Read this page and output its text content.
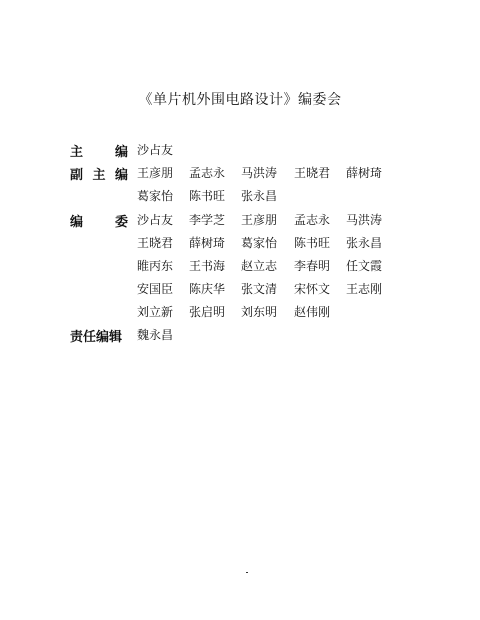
《单片机外围电路设计》编委会
主 编 沙占友
副 主 编 王彦朋 孟志永 马洪涛 王晓君 薛树琦
葛家怡 陈书旺 张永昌
编 委 沙占友 李学芝 王彦朋 孟志永 马洪涛
王晓君 薛树琦 葛家怡 陈书旺 张永昌
睢丙东 王书海 赵立志 李春明 任文霞
安国臣 陈庆华 张文清 宋怀文 王志刚
刘立新 张启明 刘东明 赵伟刚
责任编辑	魏永昌
